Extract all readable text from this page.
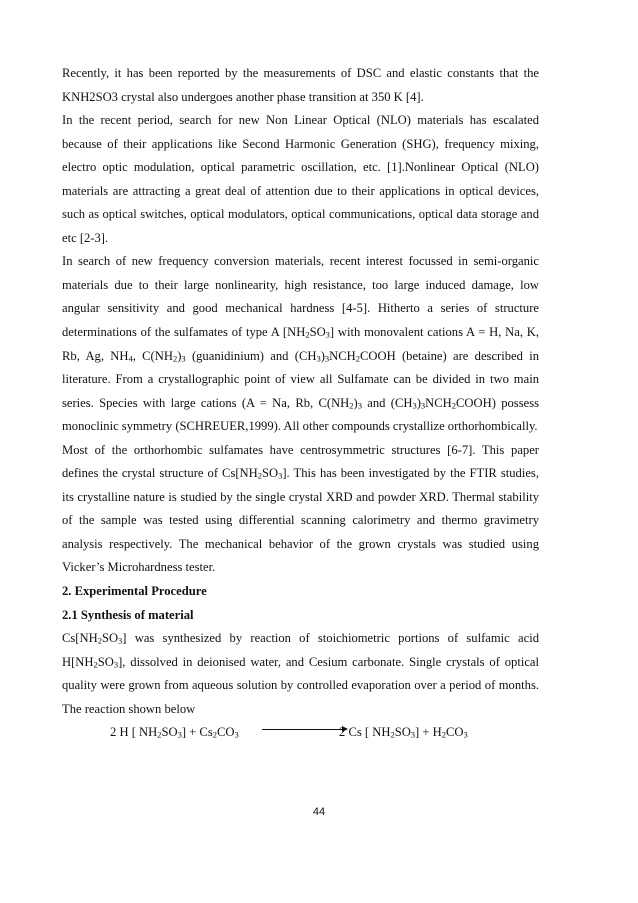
Recently, it has been reported by the measurements of DSC and elastic constants that the KNH2SO3 crystal also undergoes another phase transition at 350 K [4].

In the recent period, search for new Non Linear Optical (NLO) materials has escalated because of their applications like Second Harmonic Generation (SHG), frequency mixing, electro optic modulation, optical parametric oscillation, etc. [1].Nonlinear Optical (NLO) materials are attracting a great deal of attention due to their applications in optical devices, such as optical switches, optical modulators, optical communications, optical data storage and etc [2-3].

In search of new frequency conversion materials, recent interest focussed in semi-organic materials due to their large nonlinearity, high resistance, too large induced damage, low angular sensitivity and good mechanical hardness [4-5]. Hitherto a series of structure determinations of the sulfamates of type A $[NH_2SO_3]$ with monovalent cations A = H, Na, K, Rb, Ag, $NH_4$, $C(NH_2)_3$ (guanidinium) and $(CH_3)_3NCH_2COOH$ (betaine) are described in literature. From a crystallographic point of view all Sulfamate can be divided in two main series. Species with large cations (A = Na, Rb, $C(NH_2)_3$ and $(CH_3)_3NCH_2COOH$) possess monoclinic symmetry (SCHREUER,1999). All other compounds crystallize orthorhombically.

Most of the orthorhombic sulfamates have centrosymmetric structures [6-7]. This paper defines the crystal structure of $Cs[NH_2SO_3]$. This has been investigated by the FTIR studies, its crystalline nature is studied by the single crystal XRD and powder XRD. Thermal stability of the sample was tested using differential scanning calorimetry and thermo gravimetry analysis respectively. The mechanical behavior of the grown crystals was studied using Vicker’s Microhardness tester.

2. Experimental Procedure
2.1 Synthesis of material

$Cs[NH_2SO_3]$ was synthesized by reaction of stoichiometric portions of sulfamic acid $H[NH_2SO_3]$, dissolved in deionised water, and Cesium carbonate. Single crystals of optical quality were grown from aqueous solution by controlled evaporation over a period of months. The reaction shown below

2 H [ $NH_2SO_3] + Cs_2CO_3$	2 Cs [ $NH_2SO_3] + H_2CO_3$
44
